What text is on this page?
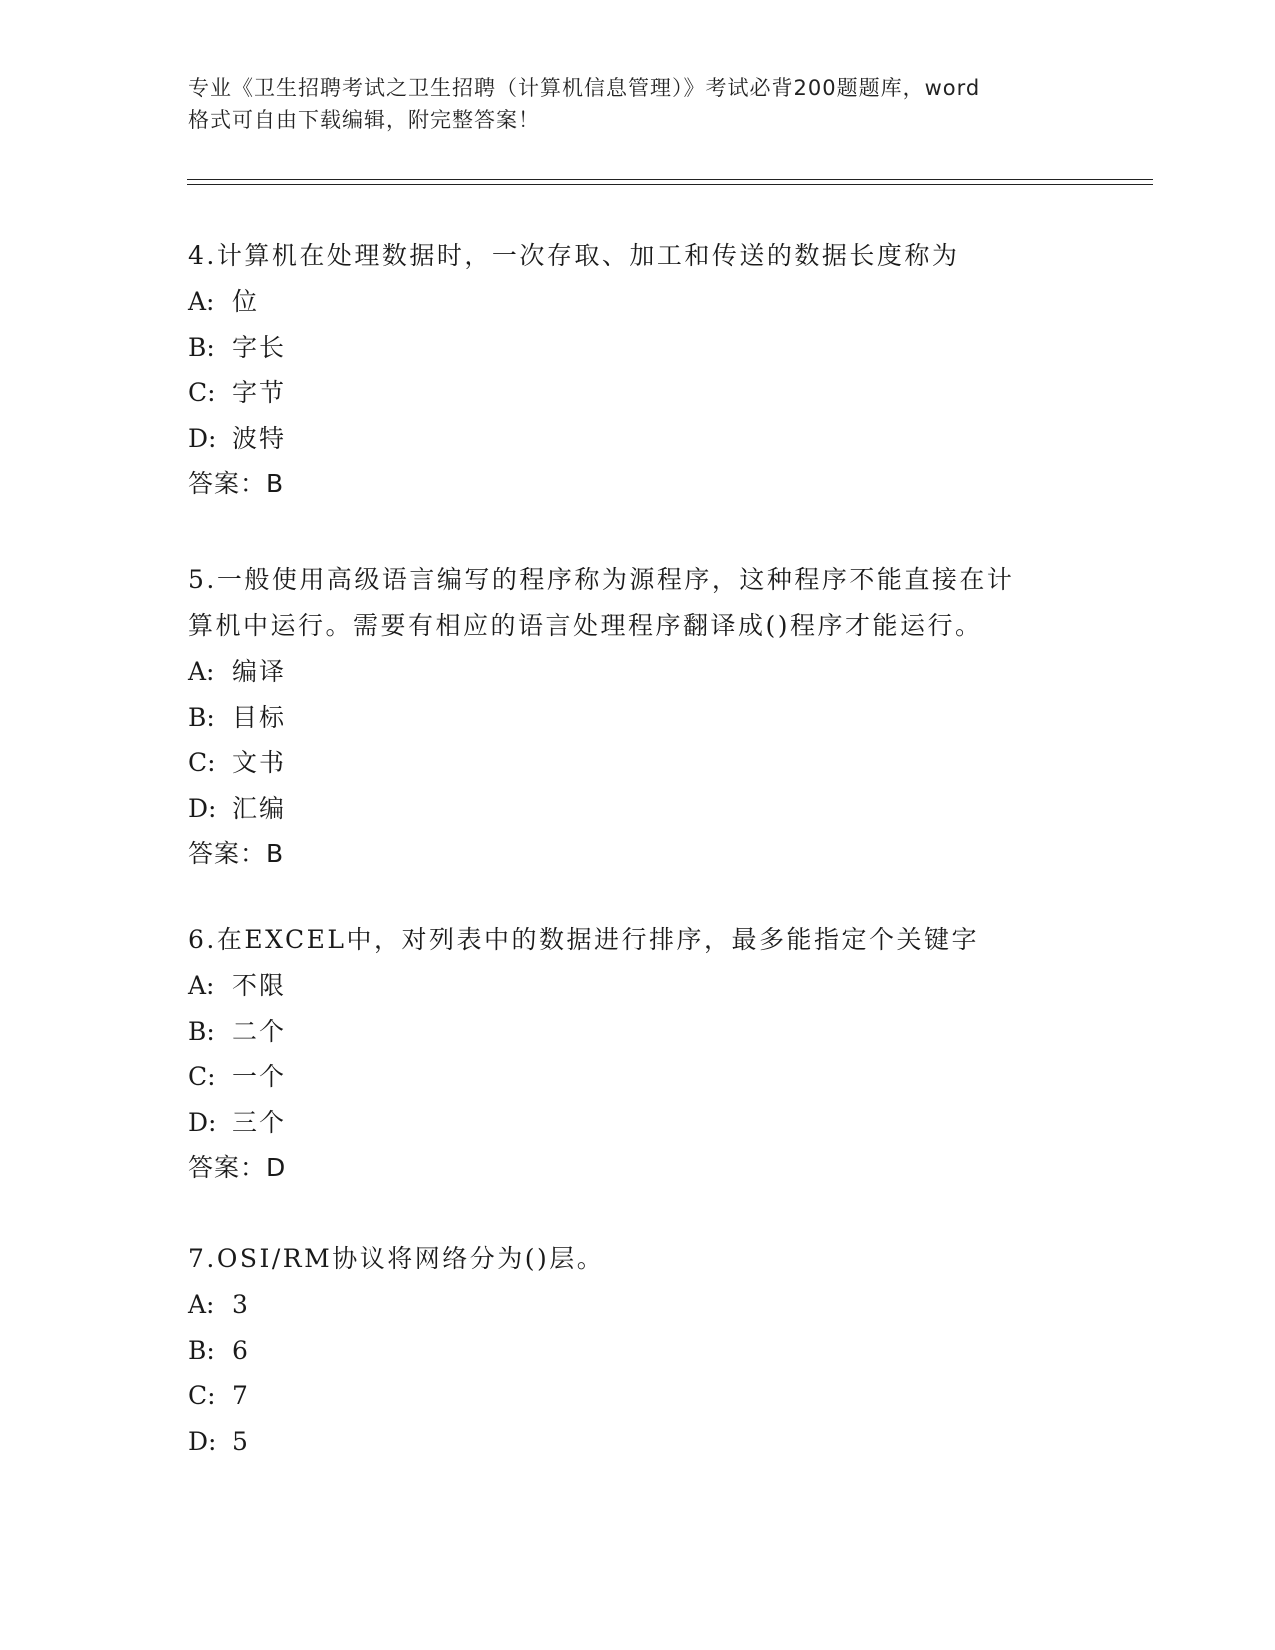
专业《卫生招聘考试之卫生招聘（计算机信息管理）》考试必背200题题库，word
格式可自由下载编辑，附完整答案！

4.计算机在处理数据时，一次存取、加工和传送的数据长度称为

A: 位
B: 字长
C: 字节
D: 波特
答案：B

5.一般使用高级语言编写的程序称为源程序，这种程序不能直接在计

算机中运行。需要有相应的语言处理程序翻译成()程序才能运行。

A: 编译
B: 目标
C: 文书
D: 汇编
答案：B

6.在EXCEL中，对列表中的数据进行排序，最多能指定个关键字

A: 不限
B: 二个
C: 一个
D: 三个
答案：D

7.OSI/RM协议将网络分为()层。

A: 3
B: 6
C: 7
D: 5
